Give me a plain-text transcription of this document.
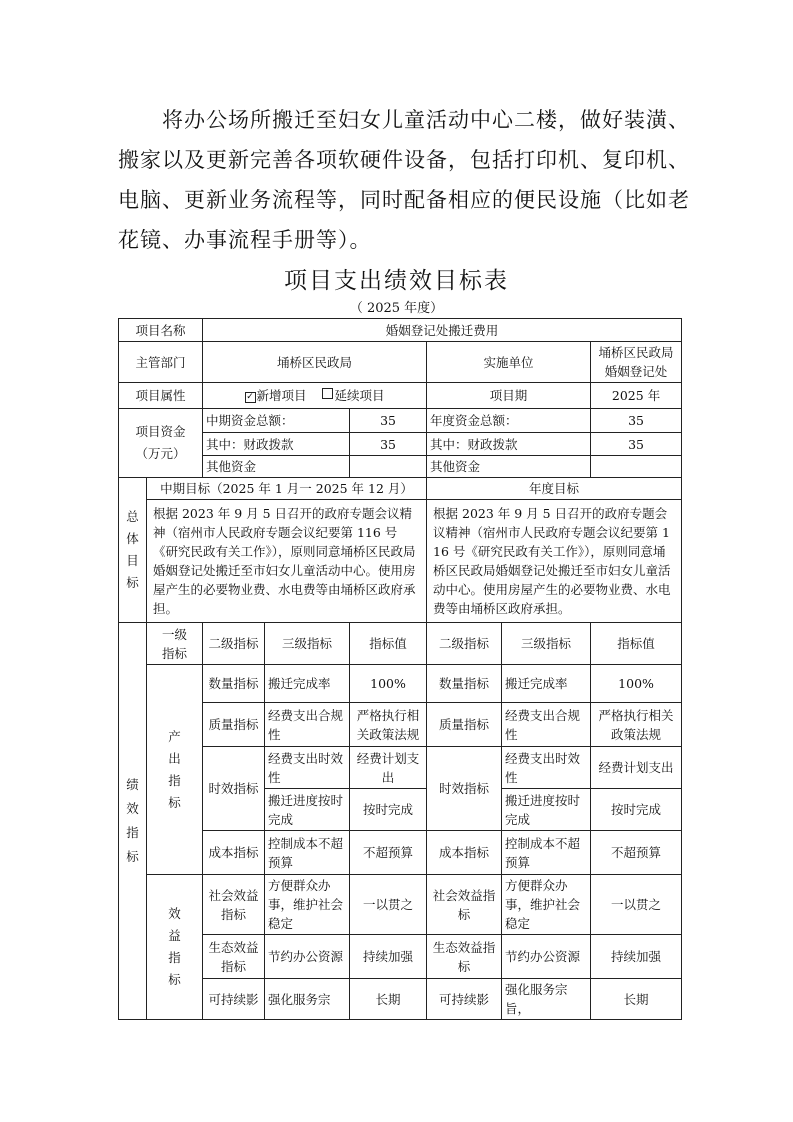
将办公场所搬迁至妇女儿童活动中心二楼，做好装潢、搬家以及更新完善各项软硬件设备，包括打印机、复印机、电脑、更新业务流程等，同时配备相应的便民设施（比如老花镜、办事流程手册等）。
项目支出绩效目标表
（ 2025 年度）
项目名称		婚姻登记处搬迁费用					
主管部门		埇桥区民政局			实施单位		埇桥区民政局婚姻登记处
项目属性		✓ 新增项目 延续项目			项目期		2025 年

项目资金（万元）		中期资金总额：		35	年度资金总额：		35
		其中：财政拨款		35	其中：财政拨款		35
		其他资金			其他资金		
总体目标	中期目标（2025 年 1 月一 2025 年 12 月）				年度目标		
	根据 2023 年 9 月 5 日召开的政府专题会议精神（宿州市人民政府专题会议纪要第 116 号《研究民政有关工作》），原则同意埇桥区民政局婚姻登记处搬迁至市妇女儿童活动中心。使用房屋产生的必要物业费、水电费等由埇桥区政府承担。				根据 2023 年 9 月 5 日召开的政府专题会议精神（宿州市人民政府专题会议纪要第 116 号《研究民政有关工作》），原则同意埇桥区民政局婚姻登记处搬迁至市妇女儿童活动中心。使用房屋产生的必要物业费、水电费等由埇桥区政府承担。		
绩效指标	一级指标	二级指标	三级指标	指标值	二级指标	三级指标	指标值
	产出指标	数量指标	搬迁完成率	100%	数量指标	搬迁完成率	100%
		质量指标	经费支出合规性	严格执行相关政策法规	质量指标	经费支出合规性	严格执行相关政策法规
		时效指标	经费支出时效性	经费计划支出	时效指标	经费支出时效性	经费计划支出
			搬迁进度按时完成	按时完成		搬迁进度按时完成	按时完成
		成本指标	控制成本不超预算	不超预算	成本指标	控制成本不超预算	不超预算
	效益指标	社会效益指标	方便群众办事，维护社会稳定	一以贯之	社会效益指标	方便群众办事，维护社会稳定	一以贯之
		生态效益指标	节约办公资源	持续加强	生态效益指标	节约办公资源	持续加强
		可持续影	强化服务宗	长期	可持续影	强化服务宗旨，	长期
